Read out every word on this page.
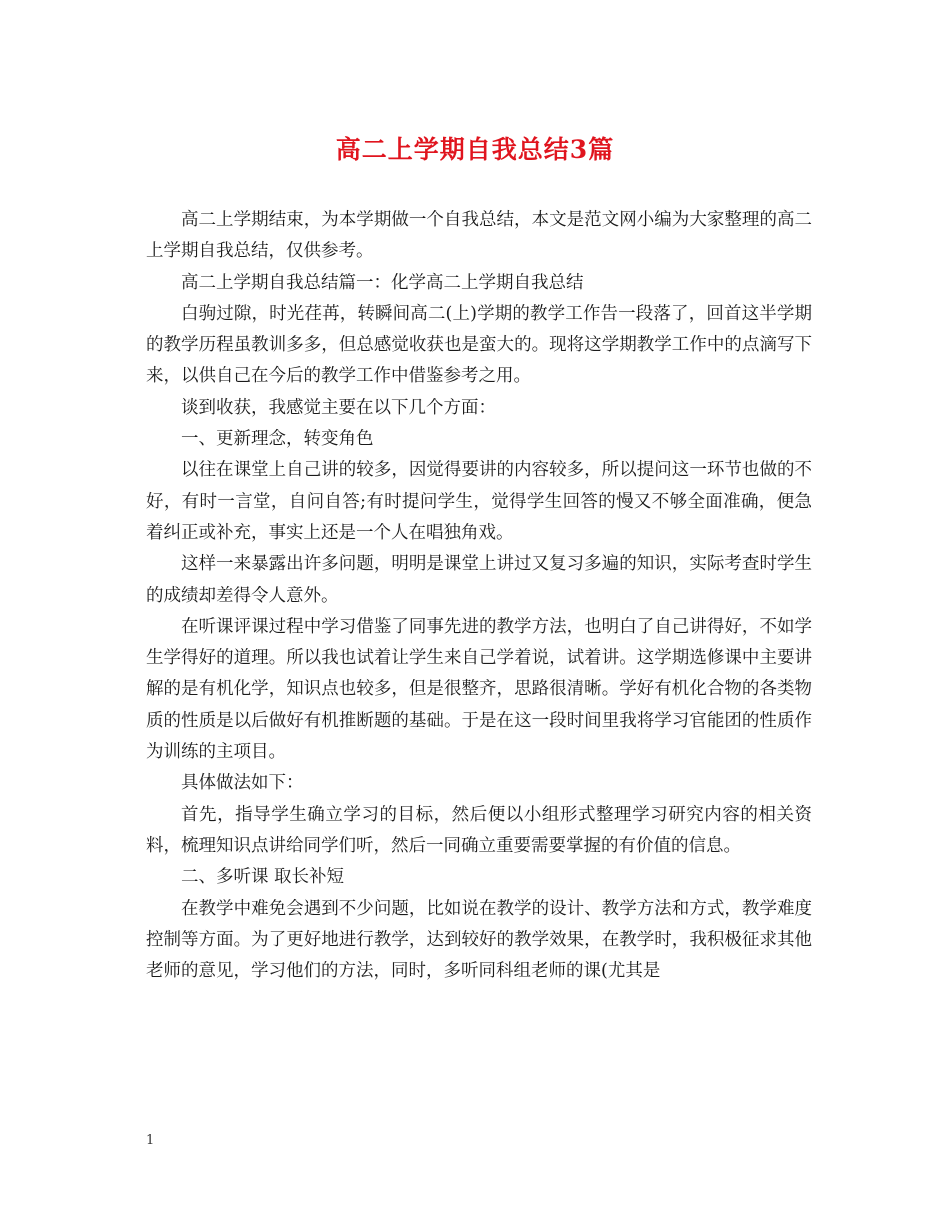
高二上学期自我总结3篇

高二上学期结束，为本学期做一个自我总结，本文是范文网小编为大家整理的高二上学期自我总结，仅供参考。

高二上学期自我总结篇一：化学高二上学期自我总结

白驹过隙，时光荏苒，转瞬间高二(上)学期的教学工作告一段落了，回首这半学期的教学历程虽教训多多，但总感觉收获也是蛮大的。现将这学期教学工作中的点滴写下来，以供自己在今后的教学工作中借鉴参考之用。

谈到收获，我感觉主要在以下几个方面：

一、更新理念，转变角色

以往在课堂上自己讲的较多，因觉得要讲的内容较多，所以提问这一环节也做的不好，有时一言堂，自问自答;有时提问学生，觉得学生回答的慢又不够全面准确，便急着纠正或补充，事实上还是一个人在唱独角戏。

这样一来暴露出许多问题，明明是课堂上讲过又复习多遍的知识，实际考查时学生的成绩却差得令人意外。

在听课评课过程中学习借鉴了同事先进的教学方法，也明白了自己讲得好，不如学生学得好的道理。所以我也试着让学生来自己学着说，试着讲。这学期选修课中主要讲解的是有机化学，知识点也较多，但是很整齐，思路很清晰。学好有机化合物的各类物质的性质是以后做好有机推断题的基础。于是在这一段时间里我将学习官能团的性质作为训练的主项目。

具体做法如下：

首先，指导学生确立学习的目标，然后便以小组形式整理学习研究内容的相关资料，梳理知识点讲给同学们听，然后一同确立重要需要掌握的有价值的信息。

二、多听课 取长补短

在教学中难免会遇到不少问题，比如说在教学的设计、教学方法和方式，教学难度控制等方面。为了更好地进行教学，达到较好的教学效果，在教学时，我积极征求其他老师的意见，学习他们的方法，同时，多听同科组老师的课(尤其是

1
